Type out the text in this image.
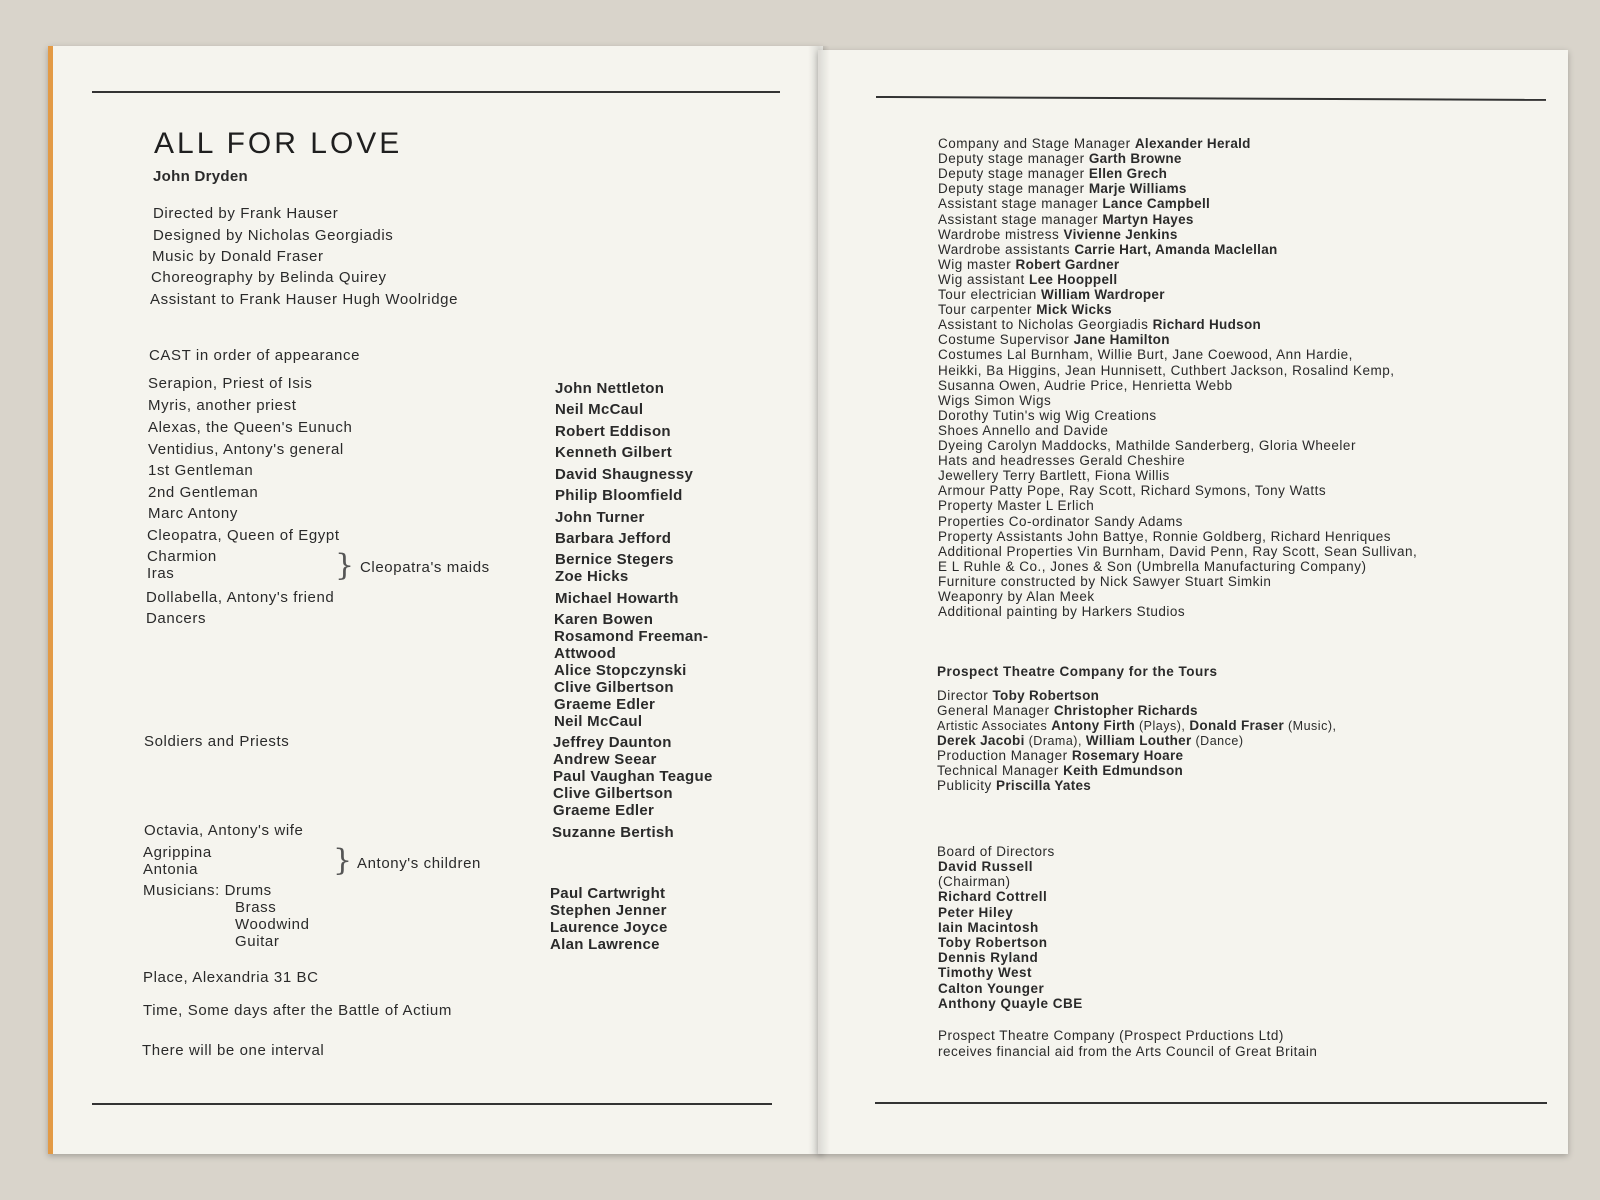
ALL FOR LOVE
John Dryden
Directed by Frank Hauser
Designed by Nicholas Georgiadis
Music by Donald Fraser
Choreography by Belinda Quirey
Assistant to Frank Hauser Hugh Woolridge
CAST in order of appearance
Serapion, Priest of Isis
Myris, another priest
Alexas, the Queen's Eunuch
Ventidius, Antony's general
1st Gentleman
2nd Gentleman
Marc Antony
Cleopatra, Queen of Egypt
Charmion
Iras	} Cleopatra's maids
Dollabella, Antony's friend
Dancers
Soldiers and Priests
Octavia, Antony's wife
Agrippina
Antonia	} Antony's children
Musicians: Drums
Brass
Woodwind
Guitar
Place, Alexandria 31 BC
Time, Some days after the Battle of Actium
There will be one interval
John Nettleton
Neil McCaul
Robert Eddison
Kenneth Gilbert
David Shaugnessy
Philip Bloomfield
John Turner
Barbara Jefford
Bernice Stegers
Zoe Hicks
Michael Howarth
Karen Bowen
Rosamond Freeman-
Attwood
Alice Stopczynski
Clive Gilbertson
Graeme Edler
Neil McCaul
Jeffrey Daunton
Andrew Seear
Paul Vaughan Teague
Clive Gilbertson
Graeme Edler
Suzanne Bertish
Paul Cartwright
Stephen Jenner
Laurence Joyce
Alan Lawrence
Company and Stage Manager Alexander Herald
Deputy stage manager Garth Browne
Deputy stage manager Ellen Grech
Deputy stage manager Marje Williams
Assistant stage manager Lance Campbell
Assistant stage manager Martyn Hayes
Wardrobe mistress Vivienne Jenkins
Wardrobe assistants Carrie Hart, Amanda Maclellan
Wig master Robert Gardner
Wig assistant Lee Hooppell
Tour electrician William Wardroper
Tour carpenter Mick Wicks
Assistant to Nicholas Georgiadis Richard Hudson
Costume Supervisor Jane Hamilton
Costumes Lal Burnham, Willie Burt, Jane Coewood, Ann Hardie,
Heikki, Ba Higgins, Jean Hunnisett, Cuthbert Jackson, Rosalind Kemp,
Susanna Owen, Audrie Price, Henrietta Webb
Wigs Simon Wigs
Dorothy Tutin's wig Wig Creations
Shoes Annello and Davide
Dyeing Carolyn Maddocks, Mathilde Sanderberg, Gloria Wheeler
Hats and headresses Gerald Cheshire
Jewellery Terry Bartlett, Fiona Willis
Armour Patty Pope, Ray Scott, Richard Symons, Tony Watts
Property Master L Erlich
Properties Co-ordinator Sandy Adams
Property Assistants John Battye, Ronnie Goldberg, Richard Henriques
Additional Properties Vin Burnham, David Penn, Ray Scott, Sean Sullivan,
E L Ruhle & Co., Jones & Son (Umbrella Manufacturing Company)
Furniture constructed by Nick Sawyer Stuart Simkin
Weaponry by Alan Meek
Additional painting by Harkers Studios
Prospect Theatre Company for the Tours
Director Toby Robertson
General Manager Christopher Richards
Artistic Associates Antony Firth (Plays), Donald Fraser (Music),
Derek Jacobi (Drama), William Louther (Dance)
Production Manager Rosemary Hoare
Technical Manager Keith Edmundson
Publicity Priscilla Yates
Board of Directors
David Russell
(Chairman)
Richard Cottrell
Peter Hiley
Iain Macintosh
Toby Robertson
Dennis Ryland
Timothy West
Calton Younger
Anthony Quayle CBE
Prospect Theatre Company (Prospect Prductions Ltd)
receives financial aid from the Arts Council of Great Britain
